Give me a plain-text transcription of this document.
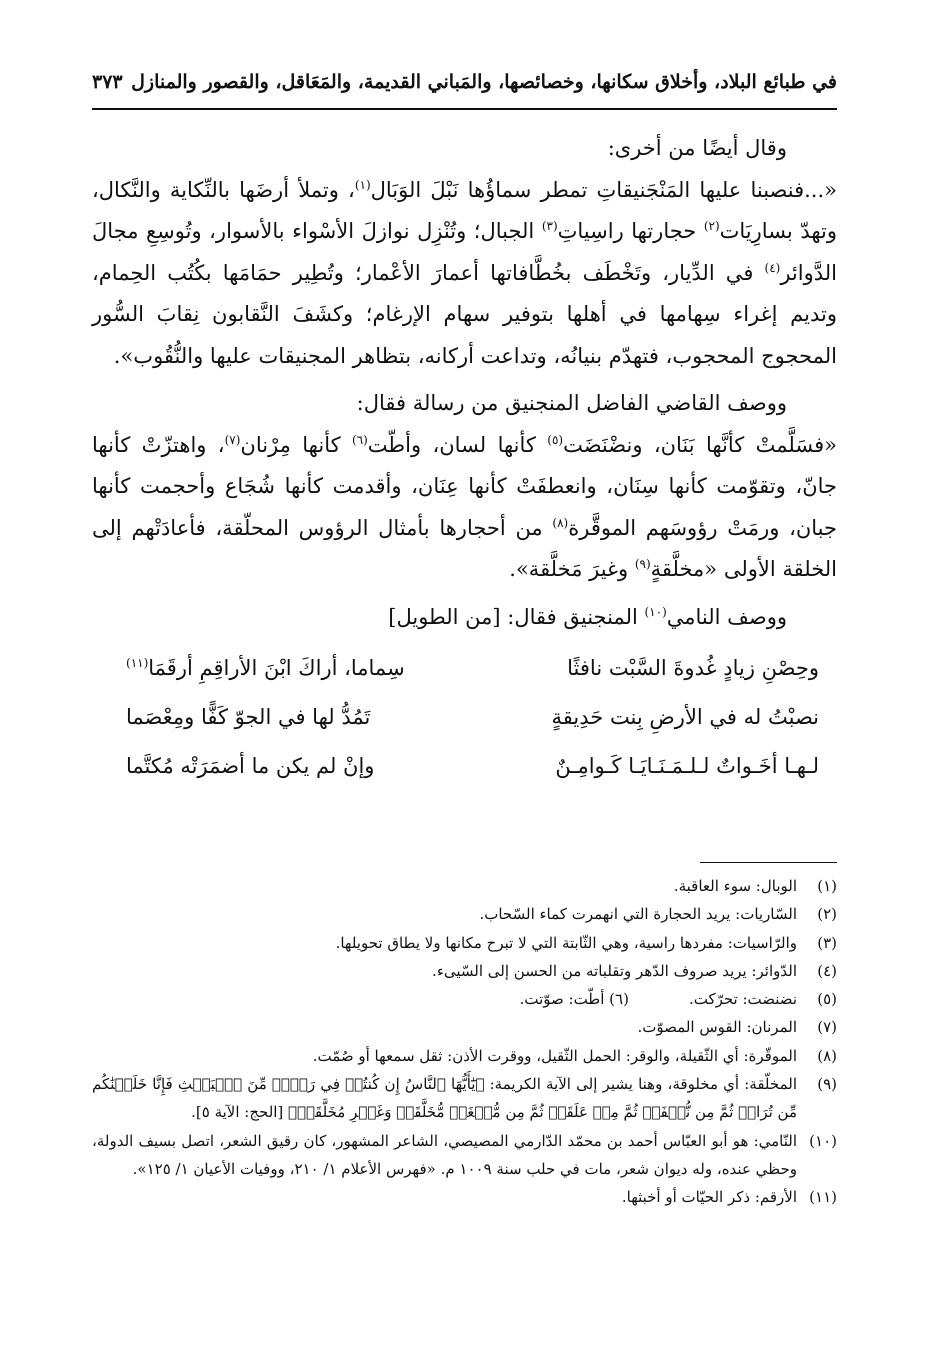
في طبائع البلاد، وأخلاق سكانها، وخصائصها، والمَباني القديمة، والمَعَاقل، والقصور والمنازل
٣٧٣

وقال أيضًا من أخرى:

«...فنصبنا عليها المَنْجَنيقاتِ تمطر سماؤُها نَبْلَ الوَبَال$^{(١)}$، وتملأ أرضَها بالنِّكاية والنَّكال، وتهدّ بسارِيَات$^{(٢)}$ حجارتها راسِياتِ$^{(٣)}$ الجبال؛ وتُنْزِل نوازلَ الأسْواء بالأسوار، وتُوسِعِ مجالَ الدَّوائر$^{(٤)}$ في الدِّيار، وتَخْطَف بخُطَّافاتها أعمارَ الأعْمار؛ وتُطِير حمَامَها بكُتُب الحِمام، وتديم إغراء سِهامها في أهلها بتوفير سهام الإرغام؛ وكشَفَ النَّقابون نِقابَ السُّور المحجوج المحجوب، فتهدّم بنيانُه، وتداعت أركانه، بتظاهر المجنيقات عليها والنُّقُوب».

ووصف القاضي الفاضل المنجنيق من رسالة فقال:

«فسَلَّمتْ كأنَّها بَنَان، ونضْنَضَت$^{(٥)}$ كأنها لسان، وأطّت$^{(٦)}$ كأنها مِرْنان$^{(٧)}$، واهتزّتْ كأنها جانّ، وتقوّمت كأنها سِنَان، وانعطفَتْ كأنها عِنَان، وأقدمت كأنها شُجَاع وأحجمت كأنها جبان، ورمَتْ رؤوسَهم الموقَّرة$^{(٨)}$ من أحجارها بأمثال الرؤوس المحلّقة، فأعادَتْهم إلى الخلقة الأولى «مخلَّقةٍ$^{(٩)}$ وغيرَ مَخلَّقة».

ووصف النامي$^{(١٠)}$ المنجنيق فقال: [من الطويل]

وحِصْنِ زيادٍ غُدوةَ السَّبْت نافثًا
سِماما، أراكَ ابْنَ الأراقِمِ أرقَمَا$^{(١١)}$
نصبْتُ له في الأرضِ بِنت حَدِيقةٍ
تَمُدُّ لها في الجوّ كَفًّا ومِعْصَما
لـهـا أخَـواتٌ لـلـمَـنَـايَـا كَـوامِـنٌ
وإنْ لم يكن ما أضمَرَتْه مُكتَّما
(١)
الوبال: سوء العاقبة.
(٢)
السّاريات: يريد الحجارة التي انهمرت كماء السّحاب.
(٣)
والرّاسيات: مفردها راسية، وهي الثّابتة التي لا تبرح مكانها ولا يطاق تحويلها.
(٤)
الدّوائر: يريد صروف الدّهر وتقلباته من الحسن إلى السّيىء.
(٥)
نضنضت: تحرّكت.
(٦) أطّت: صوّتت.
(٧)
المرنان: القوس المصوّت.
(٨)
الموقّرة: أي الثّقيلة، والوقر: الحمل الثّقيل، ووقرت الأذن: ثقل سمعها أو صُمّت.
(٩)
المخلّقة: أي مخلوقة، وهنا يشير إلى الآية الكريمة: ﴿يَٰٓأَيُّهَا ٱلنَّاسُ إِن كُنتُمۡ فِي رَيۡبٖ مِّنَ ٱلۡبَعۡثِ فَإِنَّا خَلَقۡنَٰكُم مِّن تُرَابٖ ثُمَّ مِن نُّطۡفَةٖ ثُمَّ مِنۡ عَلَقَةٖ ثُمَّ مِن مُّضۡغَةٖ مُّخَلَّقَةٖ وَغَيۡرِ مُخَلَّقَةٖ﴾ [الحج: الآية ٥].
(١٠)
النّامي: هو أبو العبّاس أحمد بن محمّد الدّارمي المصيصي، الشاعر المشهور، كان رقيق الشعر، اتصل بسيف الدولة، وحظي عنده، وله ديوان شعر، مات في حلب سنة ١٠٠٩ م. «فهرس الأعلام ١/ ٢١٠، ووفيات الأعيان ١/ ١٢٥».
(١١)
الأرقم: ذكر الحيّات أو أخبثها.
